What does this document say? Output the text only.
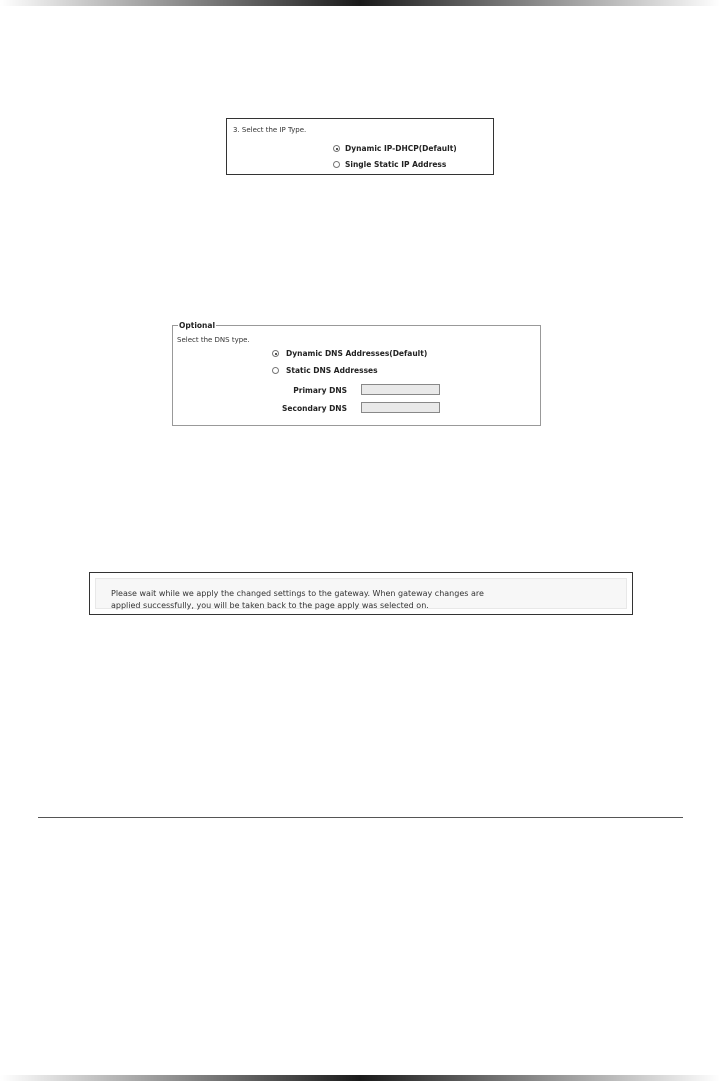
3. Select the IP Type.
Dynamic IP-DHCP(Default)
Single Static IP Address
Optional
Select the DNS type.
Dynamic DNS Addresses(Default)
Static DNS Addresses
Primary DNS
Secondary DNS
Please wait while we apply the changed settings to the gateway. When gateway changes are
applied successfully, you will be taken back to the page apply was selected on.
